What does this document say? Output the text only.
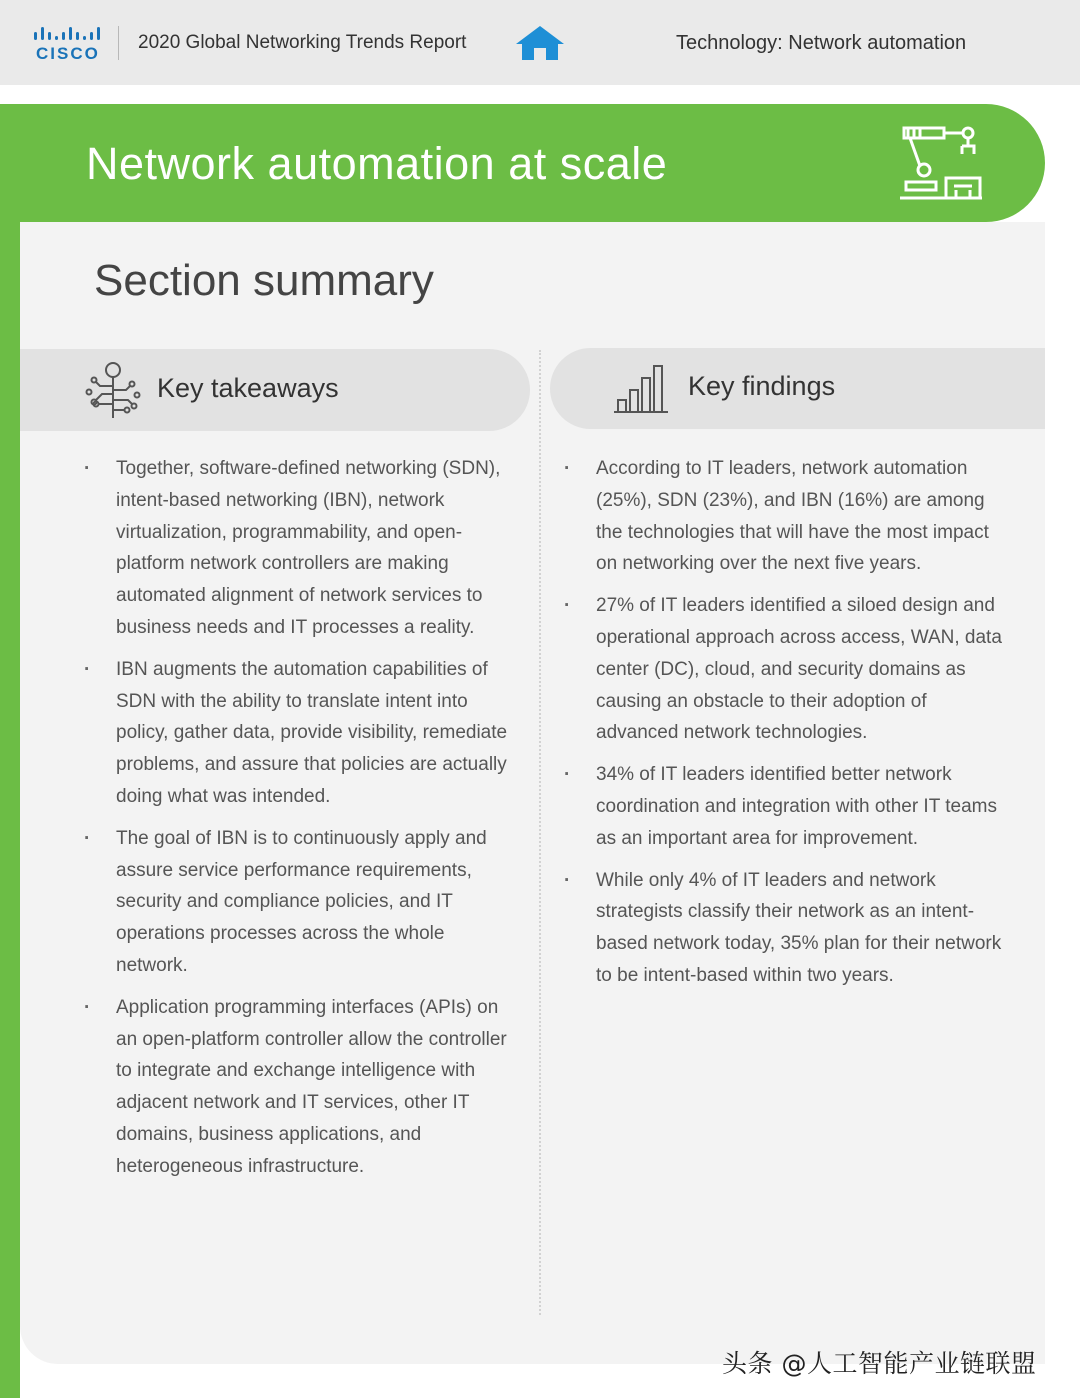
CISCO
2020 Global Networking Trends Report	Technology: Network automation
Network automation at scale
Section summary
Key takeaways	Key findings
· Together, software-defined networking (SDN), intent-based networking (IBN), network virtualization, programmability, and open-platform network controllers are making automated alignment of network services to business needs and IT processes a reality.
· IBN augments the automation capabilities of SDN with the ability to translate intent into policy, gather data, provide visibility, remediate problems, and assure that policies are actually doing what was intended.
· The goal of IBN is to continuously apply and assure service performance requirements, security and compliance policies, and IT operations processes across the whole network.
· Application programming interfaces (APIs) on an open-platform controller allow the controller to integrate and exchange intelligence with adjacent network and IT services, other IT domains, business applications, and heterogeneous infrastructure.
· According to IT leaders, network automation (25%), SDN (23%), and IBN (16%) are among the technologies that will have the most impact on networking over the next five years.
· 27% of IT leaders identified a siloed design and operational approach across access, WAN, data center (DC), cloud, and security domains as causing an obstacle to their adoption of advanced network technologies.
· 34% of IT leaders identified better network coordination and integration with other IT teams as an important area for improvement.
· While only 4% of IT leaders and network strategists classify their network as an intent-based network today, 35% plan for their network to be intent-based within two years.
头条 @人工智能产业链联盟
